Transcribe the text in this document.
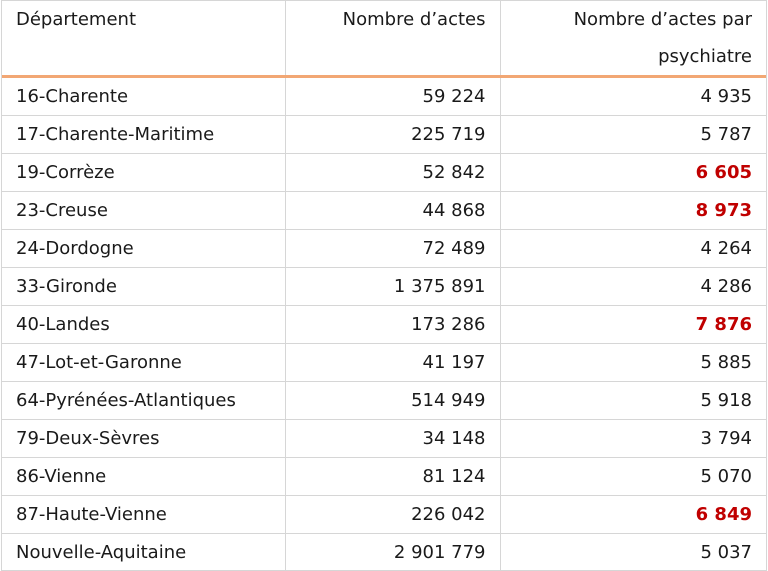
Département	Nombre d’actes	Nombre d’actes par
psychiatre
16-Charente	59 224	4 935
17-Charente-Maritime	225 719	5 787
19-Corrèze	52 842	6 605
23-Creuse	44 868	8 973
24-Dordogne	72 489	4 264
33-Gironde	1 375 891	4 286
40-Landes	173 286	7 876
47-Lot-et-Garonne	41 197	5 885
64-Pyrénées-Atlantiques	514 949	5 918
79-Deux-Sèvres	34 148	3 794
86-Vienne	81 124	5 070
87-Haute-Vienne	226 042	6 849
Nouvelle-Aquitaine	2 901 779	5 037
